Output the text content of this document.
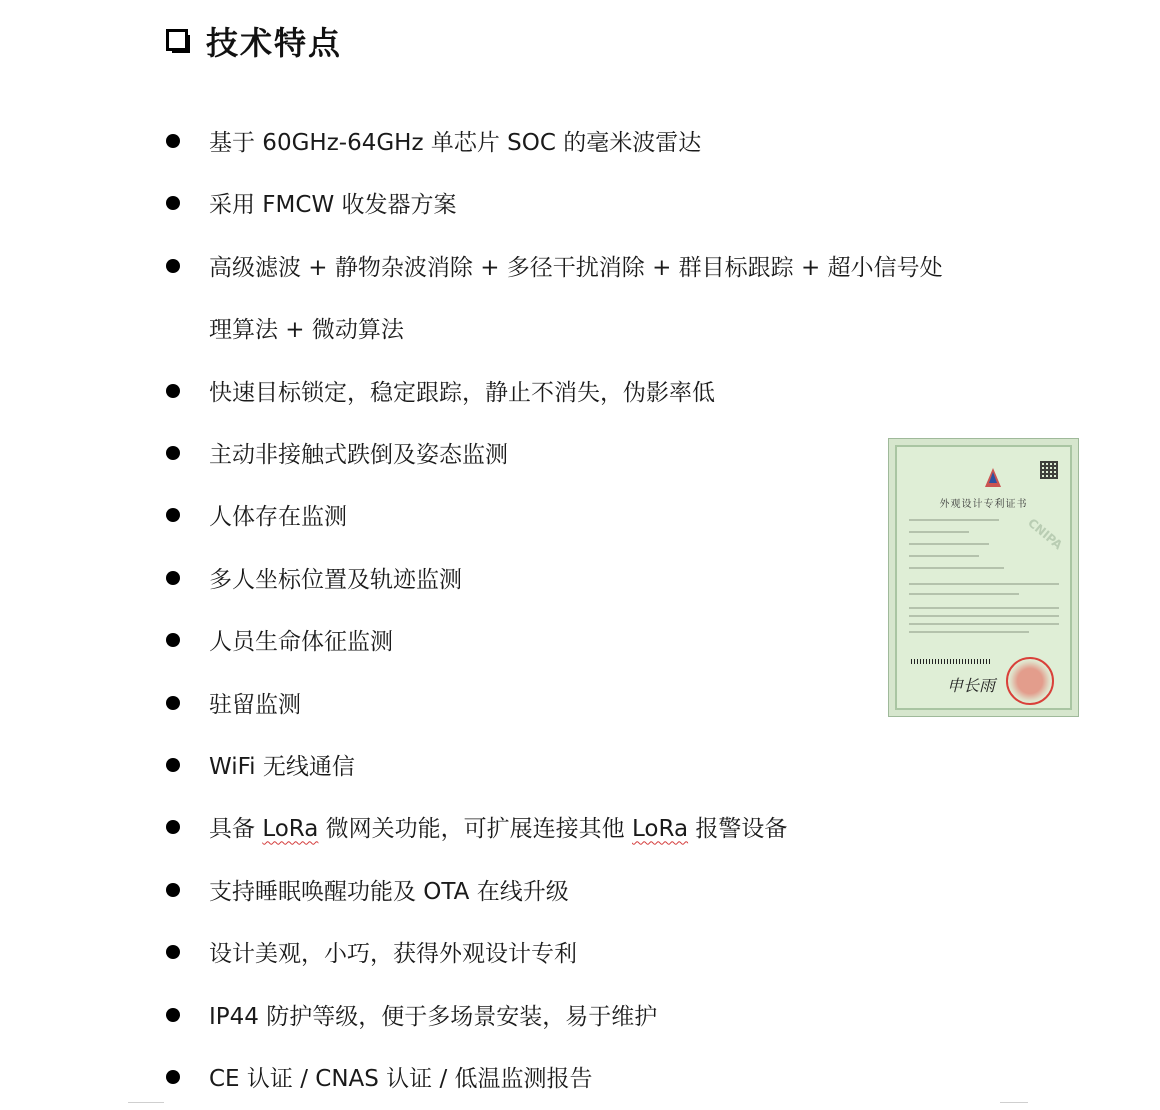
技术特点
基于 60GHz-64GHz 单芯片 SOC 的毫米波雷达
采用 FMCW 收发器方案
高级滤波 + 静物杂波消除 + 多径干扰消除 + 群目标跟踪 + 超小信号处
理算法 + 微动算法
快速目标锁定，稳定跟踪，静止不消失，伪影率低
主动非接触式跌倒及姿态监测
人体存在监测
多人坐标位置及轨迹监测
人员生命体征监测
驻留监测
WiFi 无线通信
具备 LoRa 微网关功能，可扩展连接其他 LoRa 报警设备
支持睡眠唤醒功能及 OTA 在线升级
设计美观，小巧，获得外观设计专利
IP44 防护等级，便于多场景安装，易于维护
CE 认证 / CNAS 认证 / 低温监测报告
外观设计专利证书
CNIPA
申长雨
